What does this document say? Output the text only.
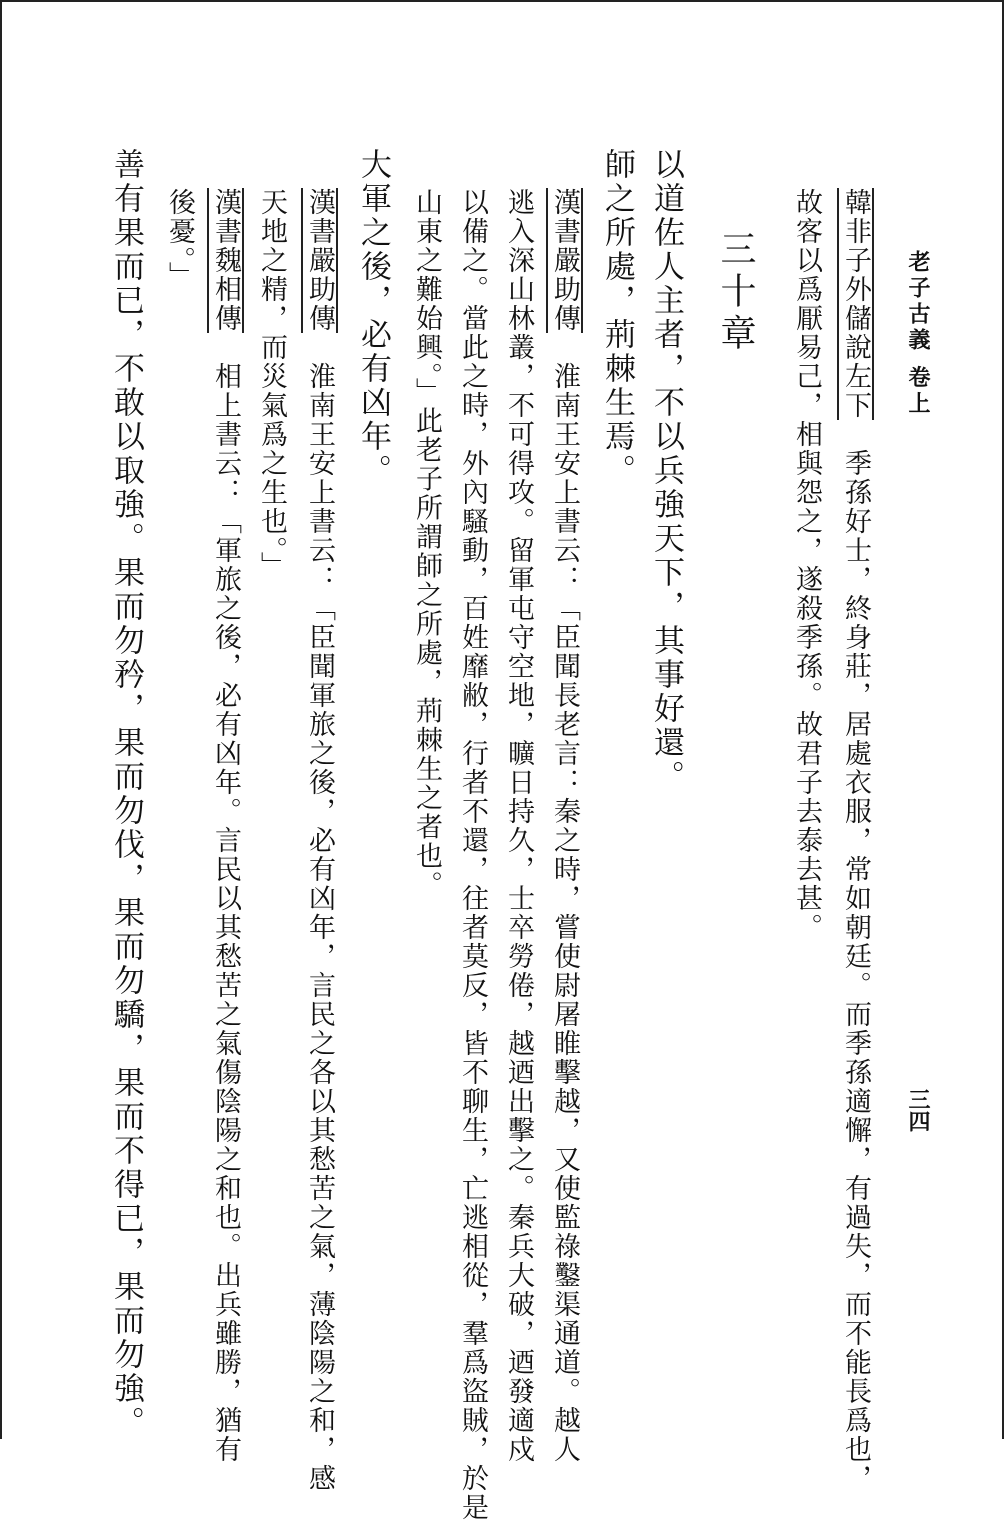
老子古義 卷上
三四
韓非子外儲說左下　季孫好士，終身莊，居處衣服，常如朝廷。而季孫適懈，有過失，而不能長爲也，
故客以爲厭易己，相與怨之，遂殺季孫。故君子去泰去甚。
三十章
以道佐人主者，不以兵強天下，其事好還。
師之所處，荊棘生焉。
漢書嚴助傳　淮南王安上書云：「臣聞長老言：秦之時，嘗使尉屠睢擊越，又使監祿鑿渠通道。越人
逃入深山林叢，不可得攻。留軍屯守空地，曠日持久，士卒勞倦，越迺出擊之。秦兵大破，迺發適戍
以備之。當此之時，外內騷動，百姓靡敝，行者不還，往者莫反，皆不聊生，亡逃相從，羣爲盜賊，於是
山東之難始興。」此老子所謂師之所處，荊棘生之者也。
大軍之後，必有凶年。
漢書嚴助傳　淮南王安上書云：「臣聞軍旅之後，必有凶年，言民之各以其愁苦之氣，薄陰陽之和，感
天地之精，而災氣爲之生也。」
漢書魏相傳　相上書云：「軍旅之後，必有凶年。言民以其愁苦之氣傷陰陽之和也。出兵雖勝，猶有
後憂。」
善有果而已，不敢以取強。果而勿矜，果而勿伐，果而勿驕，果而不得已，果而勿強。
